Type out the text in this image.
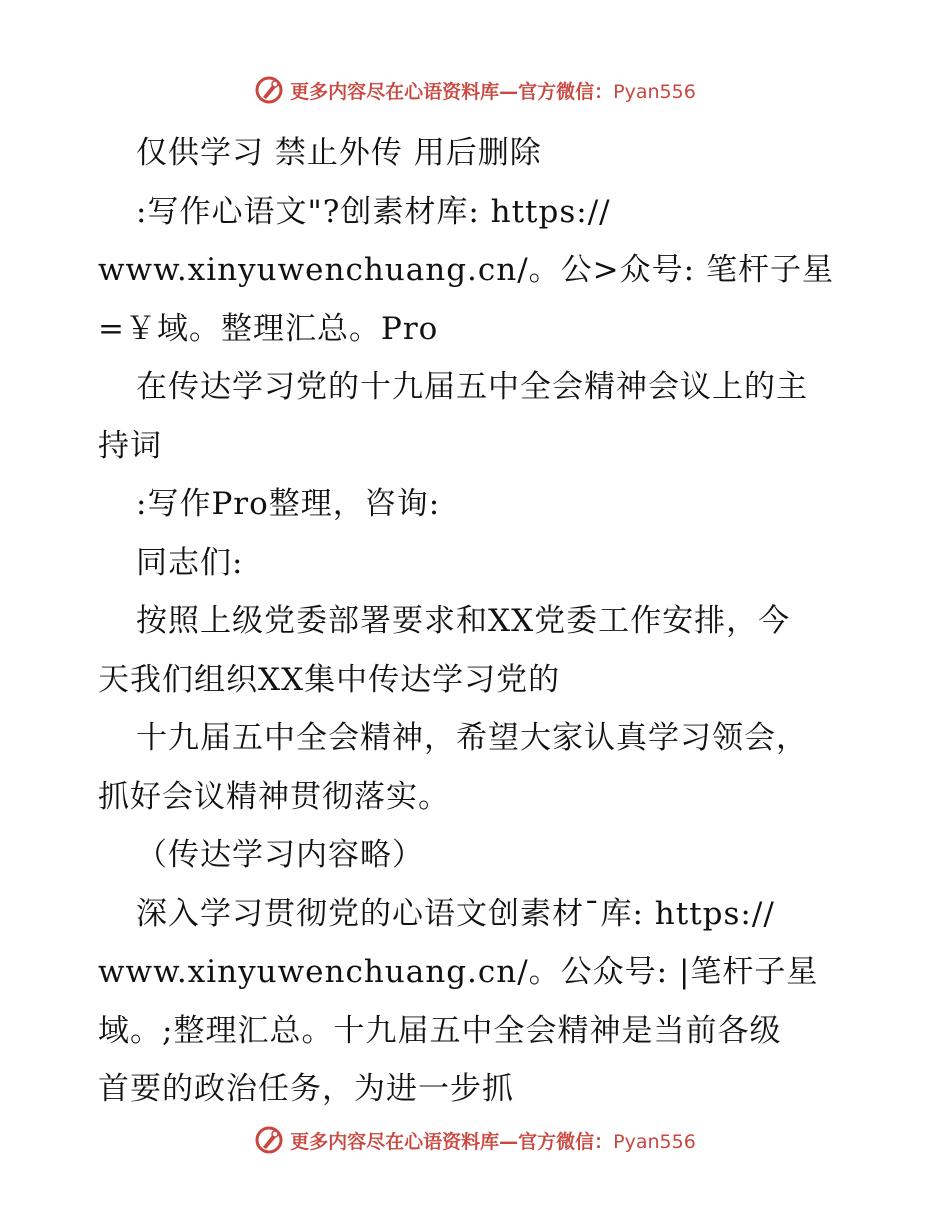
更多内容尽在心语资料库—官方微信：Pyan556
仅供学习 禁止外传 用后删除
:写作心语文"?创素材库: https://
www.xinyuwenchuang.cn/。公>众号: 笔杆子星
=￥域。整理汇总。Pro
在传达学习党的十九届五中全会精神会议上的主
持词
:写作Pro整理，咨询:
同志们:
按照上级党委部署要求和XX党委工作安排，今
天我们组织XX集中传达学习党的
十九届五中全会精神，希望大家认真学习领会，
抓好会议精神贯彻落实。
（传达学习内容略）
深入学习贯彻党的心语文创素材¯库: https://
www.xinyuwenchuang.cn/。公众号: |笔杆子星
域。;整理汇总。十九届五中全会精神是当前各级
首要的政治任务，为进一步抓
更多内容尽在心语资料库—官方微信：Pyan556
